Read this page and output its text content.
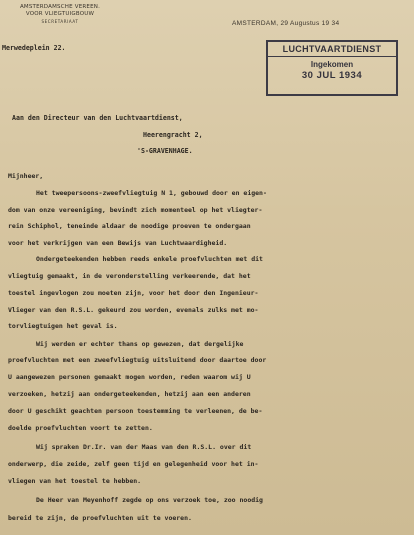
AMSTERDAMSCHE VEREEN.
VOOR VLIEGTUIGBOUW
SECRETARIAAT	AMSTERDAM, 29 Augustus 19 34
Merwedeplein 22.	LUCHTVAARTDIENST
Ingekomen
30 JUL 1934
Aan den Directeur van den Luchtvaartdienst,
Heerengracht 2,
'S-GRAVENHAGE.
Mijnheer,
Het tweepersoons-zweefvliegtuig N 1, gebouwd door en eigen-
dom van onze vereeniging, bevindt zich momenteel op het vliegter-
rein Schiphol, teneinde aldaar de noodige proeven te ondergaan
voor het verkrijgen van een Bewijs van Luchtwaardigheid.
Ondergeteekenden hebben reeds enkele proefvluchten met dit
vliegtuig gemaakt, in de veronderstelling verkeerende, dat het
toestel ingevlogen zou moeten zijn, voor het door den Ingenieur-
Vlieger van den R.S.L. gekeurd zou worden, evenals zulks met mo-
torvliegtuigen het geval is.
Wij werden er echter thans op gewezen, dat dergelijke
proefvluchten met een zweefvliegtuig uitsluitend door daartoe door
U aangewezen personen gemaakt mogen worden, reden waarom wij U
verzoeken, hetzij aan ondergeteekenden, hetzij aan een anderen
door U geschikt geachten persoon toestemming te verleenen, de be-
doelde proefvluchten voort te zetten.
Wij spraken Dr.Ir. van der Maas van den R.S.L. over dit
onderwerp, die zeide, zelf geen tijd en gelegenheid voor het in-
vliegen van het toestel te hebben.
De Heer van Meyenhoff zegde op ons verzoek toe, zoo noodig
bereid te zijn, de proefvluchten uit te voeren.
